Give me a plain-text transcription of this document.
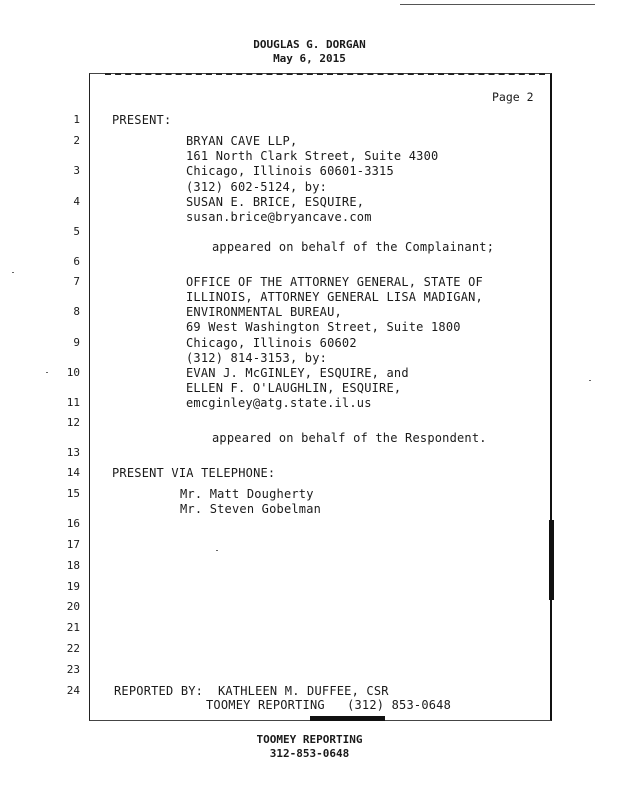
DOUGLAS G. DORGAN
May 6, 2015
Page 2
1
2
3
4
5
6
7
8
9
10
11
12
13
14
15
16
17
18
19
20
21
22
23
24
PRESENT:
BRYAN CAVE LLP,
161 North Clark Street, Suite 4300
Chicago, Illinois 60601-3315
(312) 602-5124, by:
SUSAN E. BRICE, ESQUIRE,
susan.brice@bryancave.com
appeared on behalf of the Complainant;
OFFICE OF THE ATTORNEY GENERAL, STATE OF
ILLINOIS, ATTORNEY GENERAL LISA MADIGAN,
ENVIRONMENTAL BUREAU,
69 West Washington Street, Suite 1800
Chicago, Illinois 60602
(312) 814-3153, by:
EVAN J. McGINLEY, ESQUIRE, and
ELLEN F. O'LAUGHLIN, ESQUIRE,
emcginley@atg.state.il.us
appeared on behalf of the Respondent.
PRESENT VIA TELEPHONE:
Mr. Matt Dougherty
Mr. Steven Gobelman
REPORTED BY:  KATHLEEN M. DUFFEE, CSR
TOOMEY REPORTING   (312) 853-0648
TOOMEY REPORTING
312-853-0648
